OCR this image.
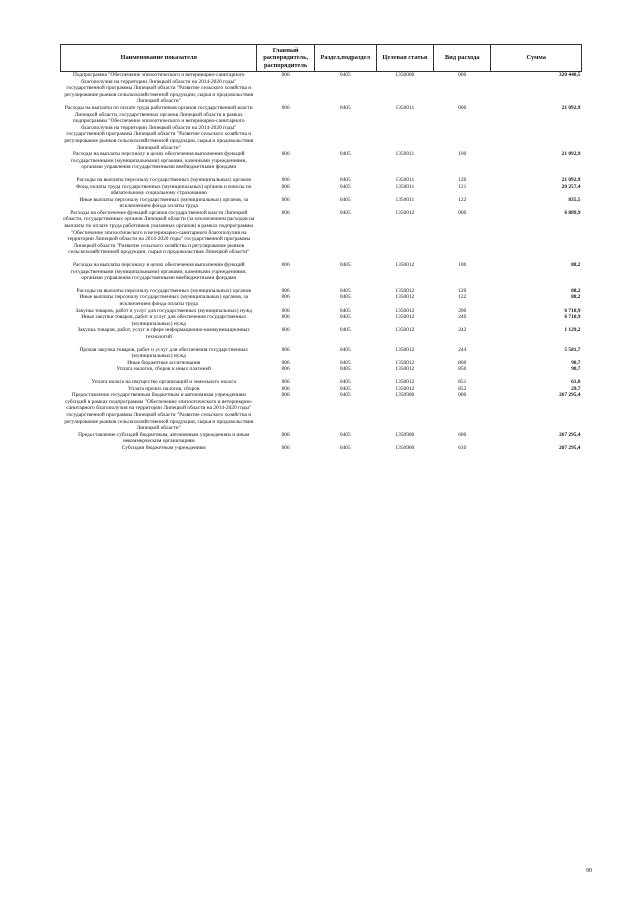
Наименование показателя	Главный распорядитель, распорядитель	Раздел,подраздел	Целевая статья	Вид расхода	Сумма
Подпрограмма "Обеспечение эпизоотического и ветеринарно-санитарного благополучия на территории Липецкой области на 2014-2020 годы" государственной программы Липецкой области "Развитие сельского хозяйства и регулирование рынков сельскохозяйственной продукции, сырья и продовольствия Липецкой области"	006	0405	1350000	000	320 440,5
Расходы на выплаты по оплате труда работников органов государственной власти Липецкой области, государственных органов Липецкой области в рамках подпрограммы "Обеспечение эпизоотического и ветеринарно-санитарного благополучия на территории Липецкой области на 2014-2020 годы" государственной программы Липецкой области "Развитие сельского хозяйства и регулирование рынков сельскохозяйственной продукции, сырья и продовольствия Липецкой области"	006	0405	1350011	000	21 092,9
Расходы на выплаты персоналу в целях обеспечения выполнения функций государственными (муниципальными) органами, казенными учреждениями, органами управления государственными внебюджетными фондами	006	0405	1350011	100	21 092,9

Расходы на выплаты персоналу государственных (муниципальных) органов	006	0405	1350011	120	21 092,9
Фонд оплаты труда государственных (муниципальных) органов и взносы по обязательному социальному страхованию	006	0405	1350011	121	20 257,4
Иные выплаты персоналу государственных (муниципальных) органов, за исключением фонда оплаты труда	006	0405	1350011	122	835,5
Расходы на обеспечение функций органов государственной власти Липецкой области, государственных органов Липецкой области (за исключением расходов на выплаты по оплате труда работников указанных органов) в рамках подпрограммы "Обеспечение эпизоотического и ветеринарно-санитарного благополучия на территории Липецкой области на 2014-2020 годы" государственной программы Липецкой области "Развитие сельского хозяйства и регулирование рынков сельскохозяйственной продукции, сырья и продовольствия Липецкой области"	006	0405	1350012	000	6 889,9

Расходы на выплаты персоналу в целях обеспечения выполнения функций государственными (муниципальными) органами, казенными учреждениями, органами управления государственными внебюджетными фондами	006	0405	1350012	100	88,2

Расходы на выплаты персоналу государственных (муниципальных) органов	006	0405	1350012	120	88,2
Иные выплаты персоналу государственных (муниципальных) органов, за исключением фонда оплаты труда	006	0405	1350012	122	88,2
Закупка товаров, работ и услуг для государственных (муниципальных) нужд	006	0405	1350012	200	6 710,9
Иные закупки товаров, работ и услуг для обеспечения государственных (муниципальных) нужд	006	0405	1350012	240	6 710,9
Закупка товаров, работ, услуг в сфере информационно-коммуникационных технологий	006	0405	1350012	242	1 129,2

Прочая закупка товаров, работ и услуг для обеспечения государственных (муниципальных) нужд	006	0405	1350012	244	5 581,7
Иные бюджетные ассигнования	006	0405	1350012	800	90,7
Уплата налогов, сборов и иных платежей	006	0405	1350012	850	90,7

Уплата налога на имущество организаций и земельного налога	006	0405	1350012	851	61,0
Уплата прочих налогов, сборов	006	0405	1350012	852	29,7
Предоставление государственным бюджетным и автономным учреждениям субсидий в рамках подпрограммы "Обеспечение эпизоотического и ветеринарно-санитарного благополучия на территории Липецкой области на 2014-2020 годы" государственной программы Липецкой области "Развитие сельского хозяйства и регулирование рынков сельскохозяйственной продукции, сырья и продовольствия Липецкой области"	006	0405	1350900	000	267 295,4
Предоставление субсидий бюджетным, автономным учреждениям и иным некоммерческим организациям	006	0405	1350900	600	267 295,4
Субсидии бюджетным учреждениям	006	0405	1350900	610	267 295,4
90
